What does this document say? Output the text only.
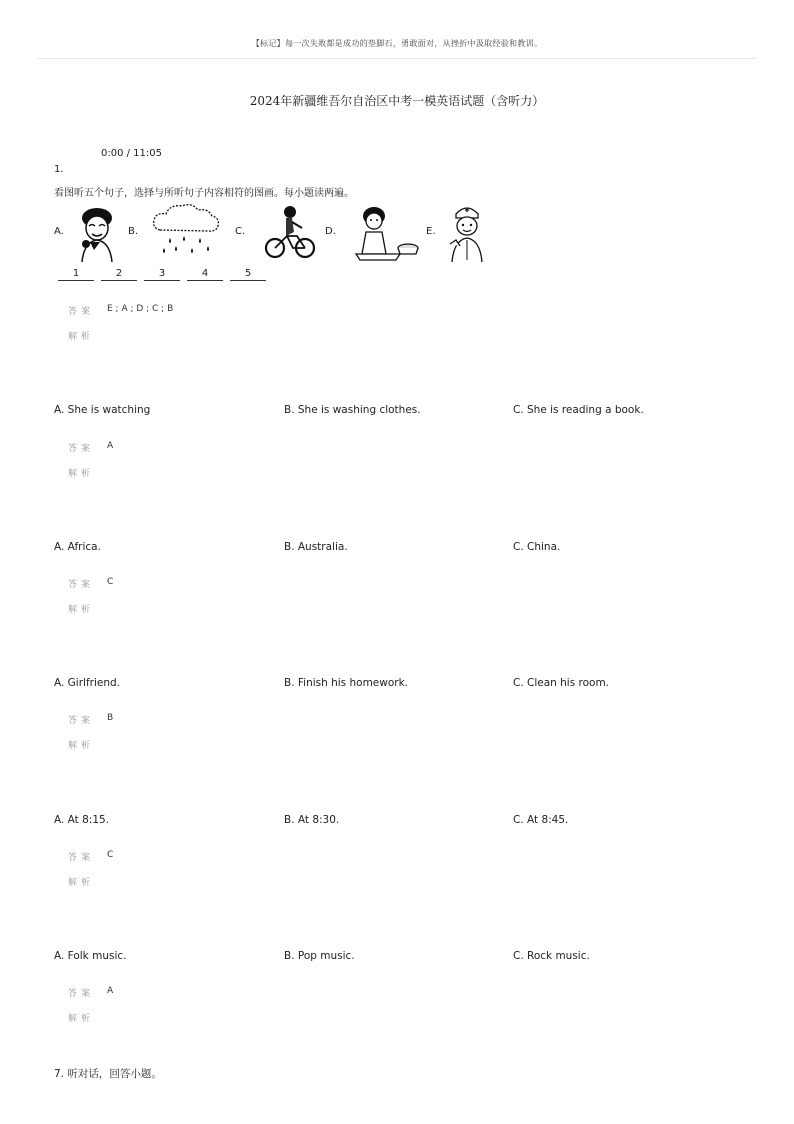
【标记】每一次失败都是成功的垫脚石，勇敢面对，从挫折中汲取经验和教训。
2024年新疆维吾尔自治区中考一模英语试题（含听力）
0:00 / 11:05
1.
看图听五个句子，选择与所听句子内容相符的图画。每小题读两遍。
A.	B.	C.	D.	E.
1	2	3	4	5
答案 E ; A ; D ; C ; B
解析
A. She is watching	B. She is washing clothes.	C. She is reading a book.
答案 A
解析
A. Africa.	B. Australia.	C. China.
答案 C
解析
A. Girlfriend.	B. Finish his homework.	C. Clean his room.
答案 B
解析
A. At 8:15.	B. At 8:30.	C. At 8:45.
答案 C
解析
A. Folk music.	B. Pop music.	C. Rock music.
答案 A
解析
7. 听对话，回答小题。
